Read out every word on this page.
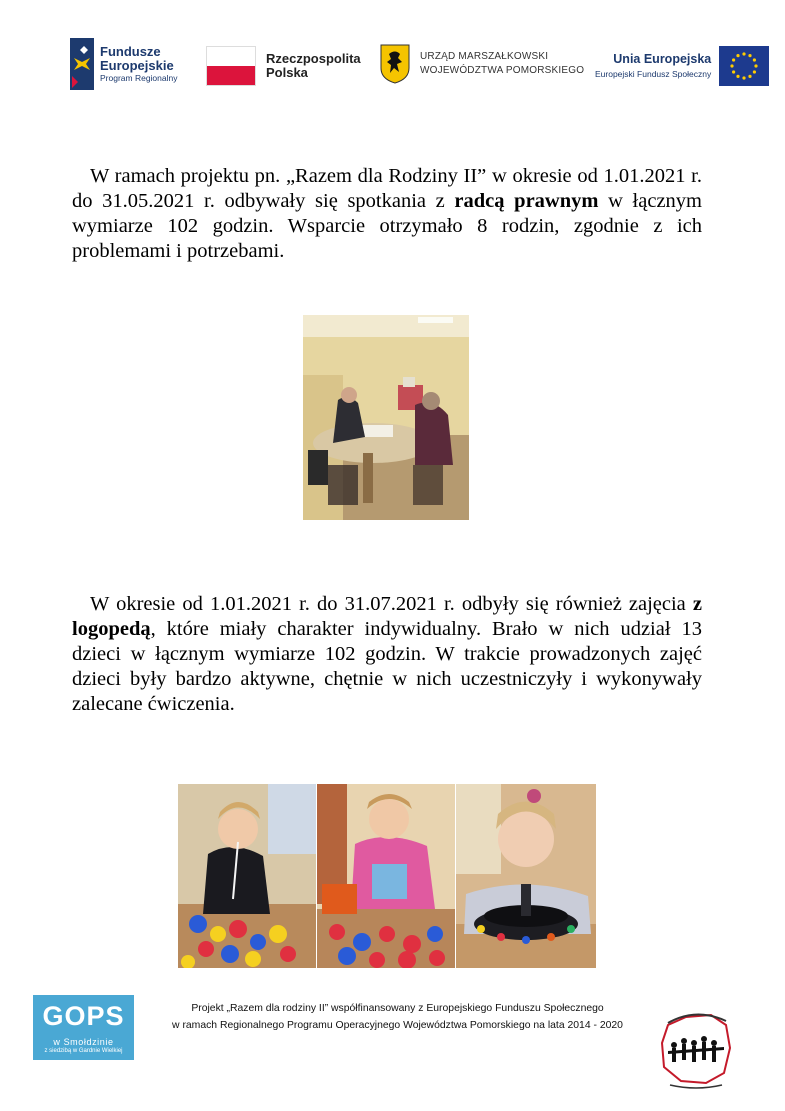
Fundusze
Europejskie
Program Regionalny
Rzeczpospolita
Polska
URZĄD MARSZAŁKOWSKI
WOJEWÓDZTWA POMORSKIEGO
Unia Europejska
Europejski Fundusz Społeczny

W ramach projektu pn. „Razem dla Rodziny II” w okresie od 1.01.2021 r. do 31.05.2021 r. odbywały się spotkania z radcą prawnym w łącznym wymiarze 102 godzin. Wsparcie otrzymało 8 rodzin, zgodnie z ich problemami i potrzebami.

W okresie od 1.01.2021 r. do 31.07.2021 r. odbyły się również zajęcia z logopedą, które miały charakter indywidualny. Brało w nich udział 13 dzieci w łącznym wymiarze 102 godzin. W trakcie prowadzonych zajęć dzieci były bardzo aktywne, chętnie w nich uczestniczyły i wykonywały zalecane ćwiczenia.

GOPS
w Smołdzinie
z siedzibą w Gardnie Wielkiej
Projekt „Razem dla rodziny II” współfinansowany z Europejskiego Funduszu Społecznego
w ramach Regionalnego Programu Operacyjnego Województwa Pomorskiego na lata 2014 - 2020
